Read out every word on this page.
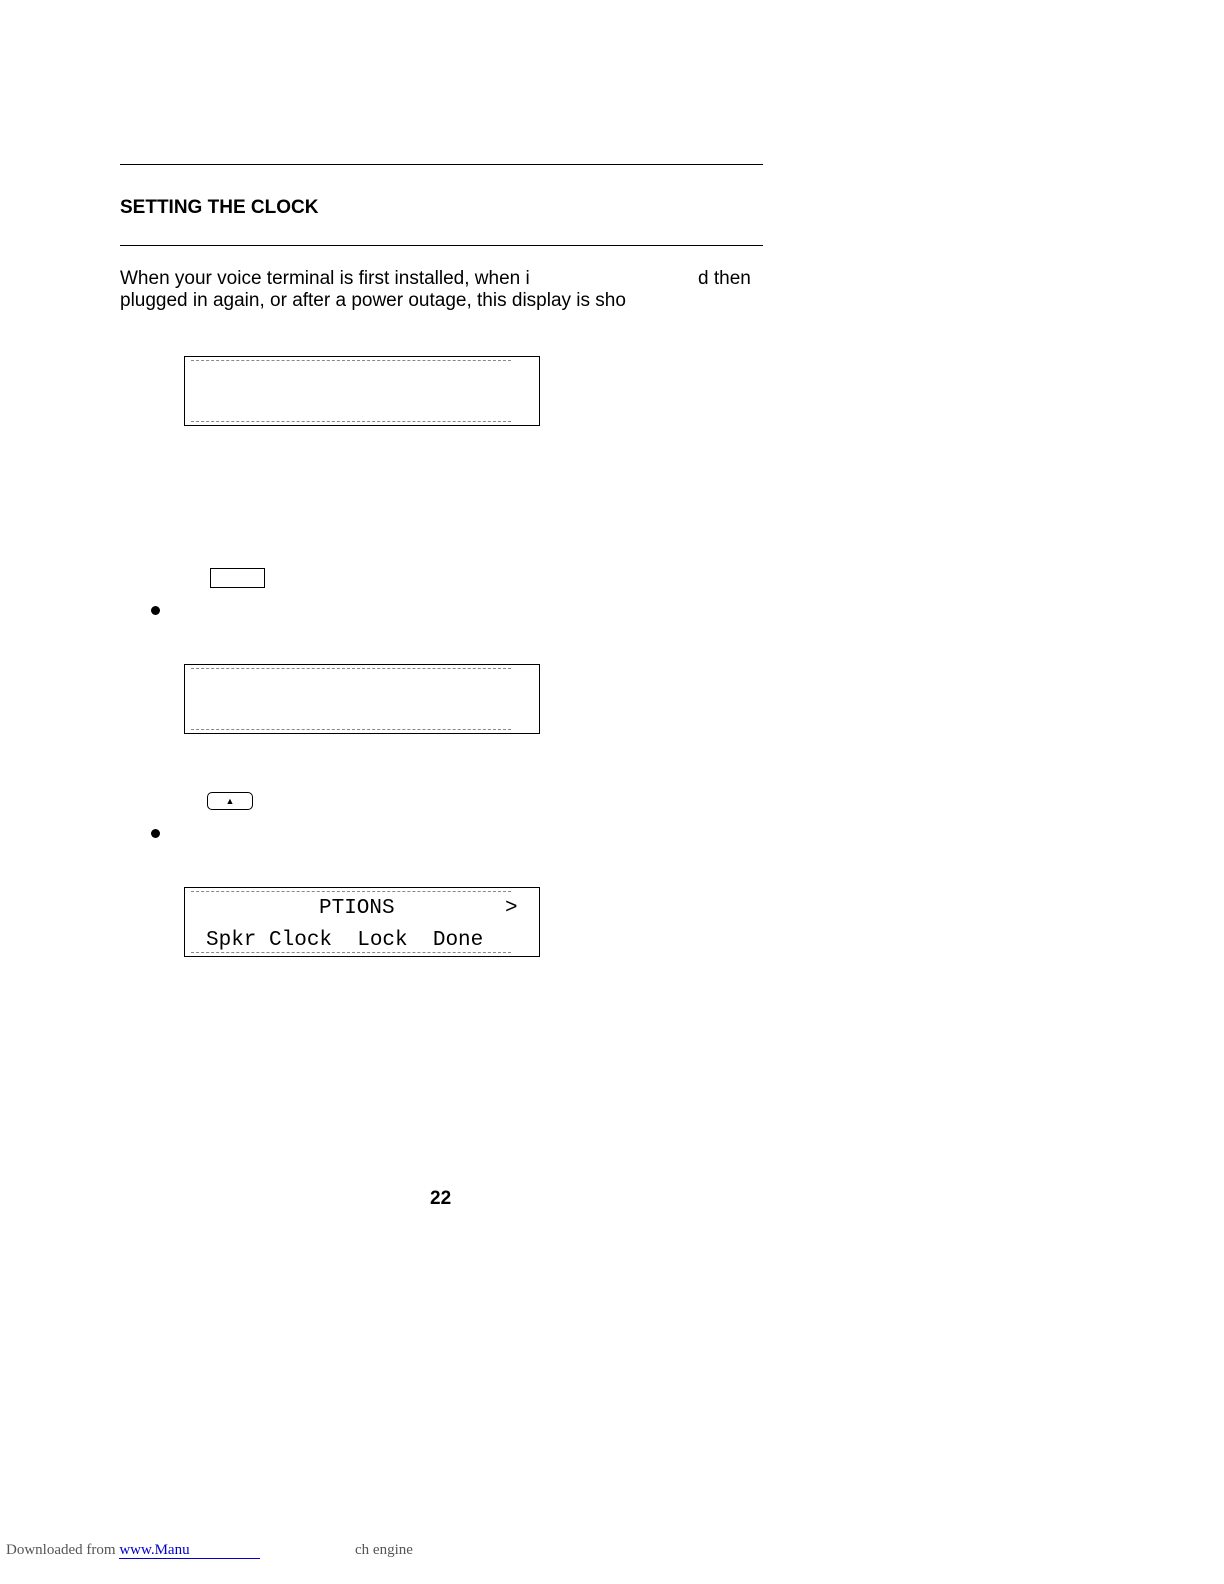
SETTING THE CLOCK
When your voice terminal is first installed, when i	d then
plugged in again, or after a power outage, this display is sho
▲
PTIONS	>
Spkr Clock  Lock  Done
22
Downloaded from www.Manu	ch engine
